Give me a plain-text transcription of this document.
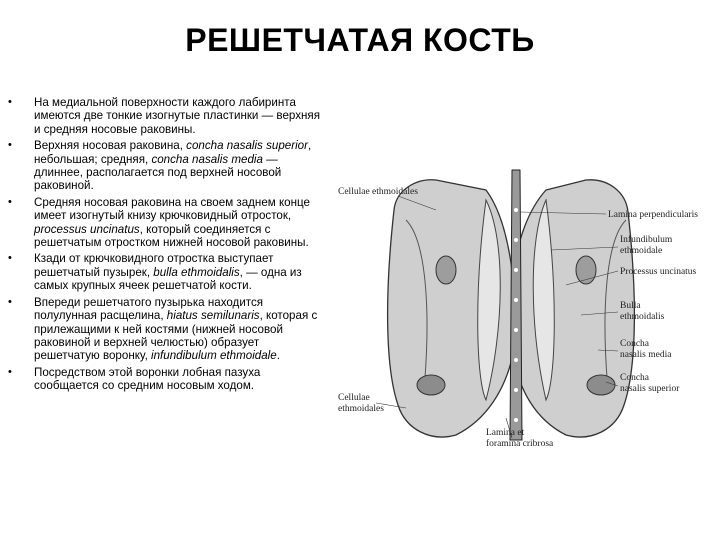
РЕШЕТЧАТАЯ КОСТЬ
• На медиальной поверхности каждого лабиринта имеются две тонкие изогнутые пластинки — верхняя и средняя носовые раковины.
• Верхняя носовая раковина, concha nasalis superior, небольшая; средняя, concha nasalis media — длиннее, располагается под верхней носовой раковиной.
• Средняя носовая раковина на своем заднем конце имеет изогнутый книзу крючковидный отросток, processus uncinatus, который соединяется с решетчатым отростком нижней носовой раковины.
• Кзади от крючковидного отростка выступает решетчатый пузырек, bulla ethmoidalis, — одна из самых крупных ячеек решетчатой кости.
• Впереди решетчатого пузырька находится полулунная расщелина, hiatus semilunaris, которая с прилежащими к ней костями (нижней носовой раковиной и верхней челюстью) образует решетчатую воронку, infundibulum ethmoidale.
• Посредством этой воронки лобная пазуха сообщается со средним носовым ходом.
Cellulae ethmoidales
Lamina perpendicularis
Infundibulum
ethmoidale
Processus uncinatus
Bulla
ethmoidalis
Concha
nasalis media
Concha
nasalis superior
Cellulae
ethmoidales
Lamina et
foramina cribrosa
